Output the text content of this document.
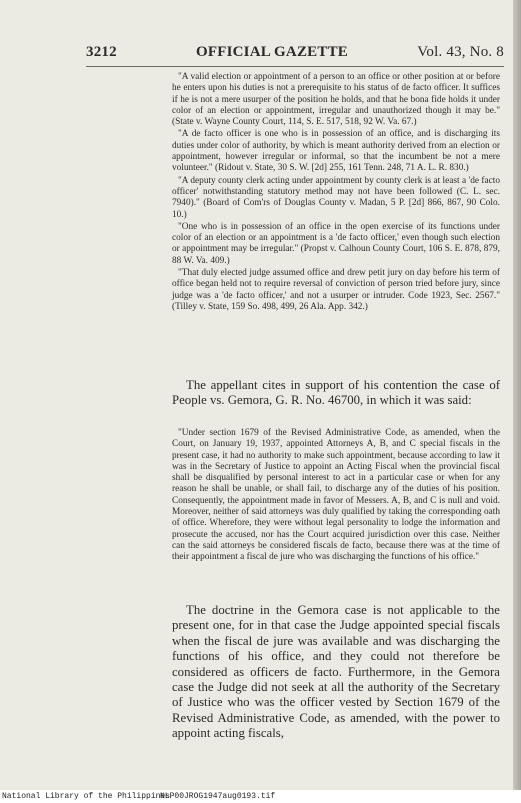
3212	OFFICIAL GAZETTE	Vol. 43, No. 8

"A valid election or appointment of a person to an office or other position at or before he enters upon his duties is not a prerequisite to his status of de facto officer. It suffices if he is not a mere usurper of the position he holds, and that he bona fide holds it under color of an election or appointment, irregular and unauthorized though it may be." (State v. Wayne County Court, 114, S. E. 517, 518, 92 W. Va. 67.)

"A de facto officer is one who is in possession of an office, and is discharging its duties under color of authority, by which is meant authority derived from an election or appointment, however irregular or informal, so that the incumbent be not a mere volunteer." (Ridout v. State, 30 S. W. [2d] 255, 161 Tenn. 248, 71 A. L. R. 830.)

"A deputy county clerk acting under appointment by county clerk is at least a 'de facto officer' notwithstanding statutory method may not have been followed (C. L. sec. 7940)." (Board of Com'rs of Douglas County v. Madan, 5 P. [2d] 866, 867, 90 Colo. 10.)

"One who is in possession of an office in the open exercise of its functions under color of an election or an appointment is a 'de facto officer,' even though such election or appointment may be irregular." (Propst v. Calhoun County Court, 106 S. E. 878, 879, 88 W. Va. 409.)

"That duly elected judge assumed office and drew petit jury on day before his term of office began held not to require reversal of conviction of person tried before jury, since judge was a 'de facto officer,' and not a usurper or intruder. Code 1923, Sec. 2567." (Tilley v. State, 159 So. 498, 499, 26 Ala. App. 342.)

The appellant cites in support of his contention the case of People vs. Gemora, G. R. No. 46700, in which it was said:

"Under section 1679 of the Revised Administrative Code, as amended, when the Court, on January 19, 1937, appointed Attorneys A, B, and C special fiscals in the present case, it had no authority to make such appointment, because according to law it was in the Secretary of Justice to appoint an Acting Fiscal when the provincial fiscal shall be disqualified by personal interest to act in a particular case or when for any reason he shall be unable, or shall fail, to discharge any of the duties of his position. Consequently, the appointment made in favor of Messers. A, B, and C is null and void. Moreover, neither of said attorneys was duly qualified by taking the corresponding oath of office. Wherefore, they were without legal personality to lodge the information and prosecute the accused, nor has the Court acquired jurisdiction over this case. Neither can the said attorneys be considered fiscals de facto, because there was at the time of their appointment a fiscal de jure who was discharging the functions of his office."

The doctrine in the Gemora case is not applicable to the present one, for in that case the Judge appointed special fiscals when the fiscal de jure was available and was discharging the functions of his office, and they could not therefore be considered as officers de facto. Furthermore, in the Gemora case the Judge did not seek at all the authority of the Secretary of Justice who was the officer vested by Section 1679 of the Revised Administrative Code, as amended, with the power to appoint acting fiscals,

National Library of the Philippines
NLP00JROG1947aug0193.tif
